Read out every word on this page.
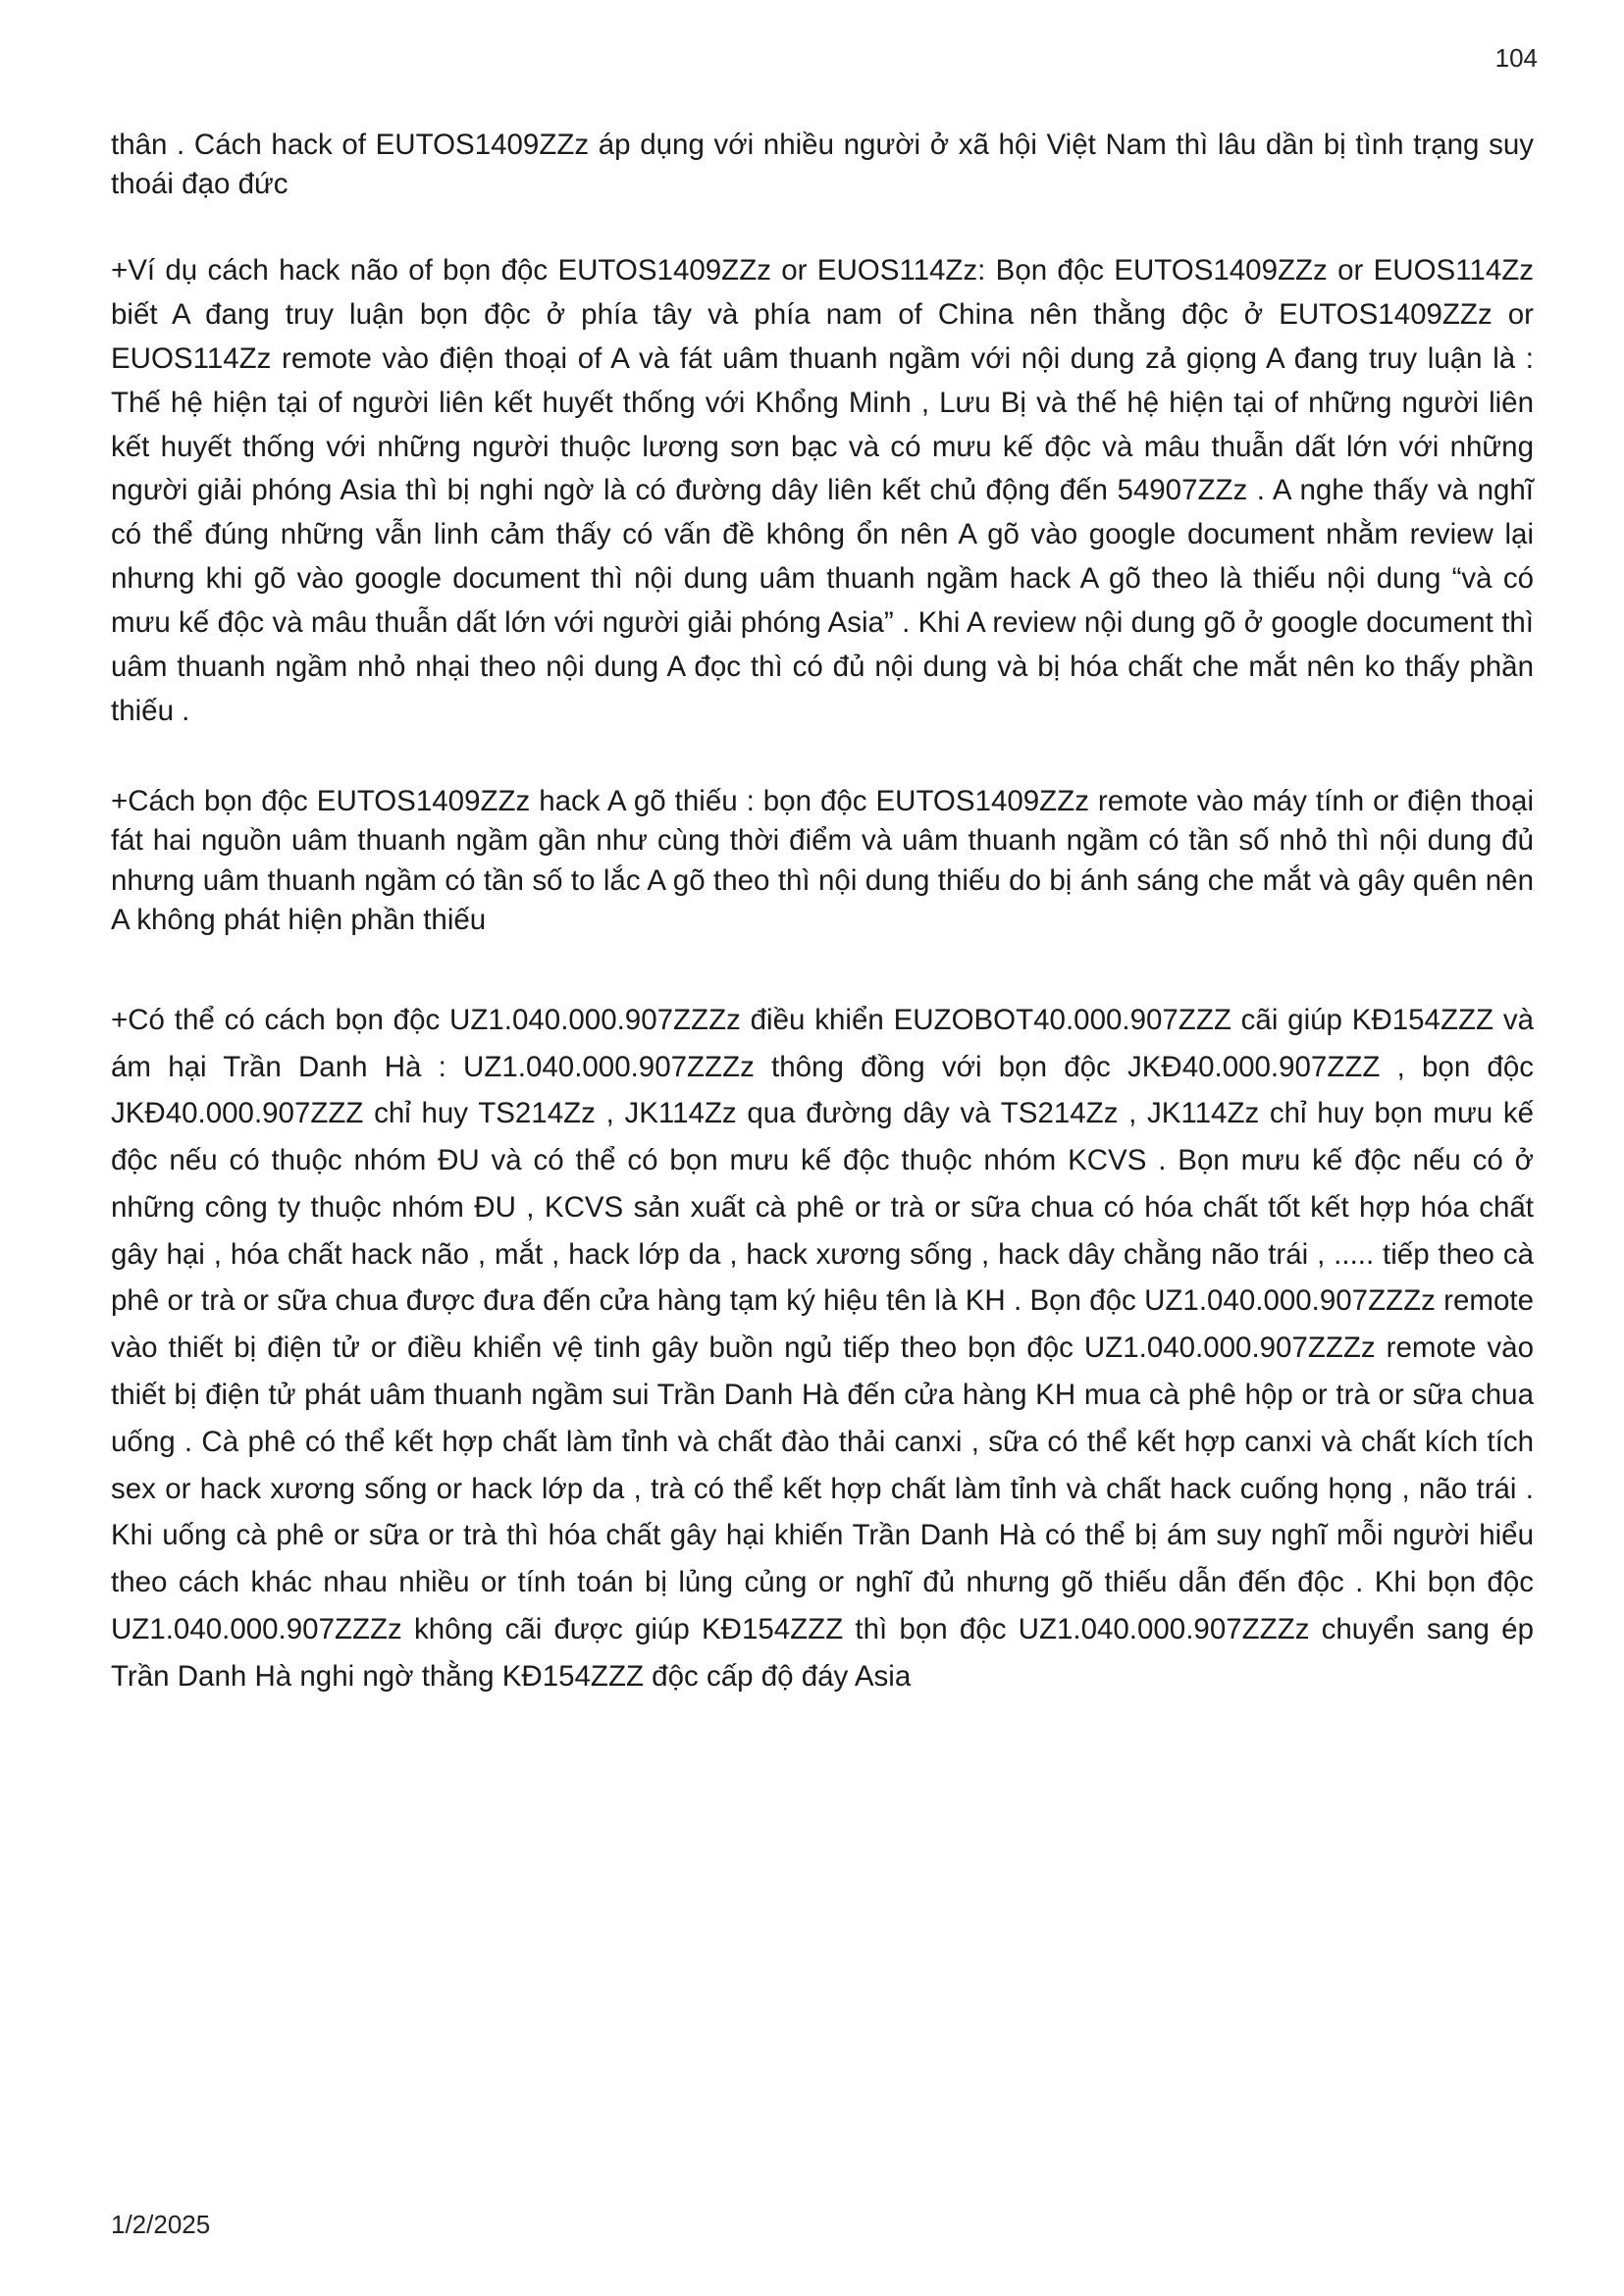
104

thân . Cách hack of EUTOS1409ZZz áp dụng với nhiều người ở xã hội Việt Nam thì lâu dần bị tình trạng suy thoái đạo đức

+Ví dụ cách hack não of bọn độc EUTOS1409ZZz or EUOS114Zz: Bọn độc EUTOS1409ZZz or EUOS114Zz biết A đang truy luận bọn độc ở phía tây và phía nam of China nên thằng độc ở EUTOS1409ZZz or EUOS114Zz remote vào điện thoại of A và fát uâm thuanh ngầm với nội dung zả giọng A đang truy luận là : Thế hệ hiện tại of người liên kết huyết thống với Khổng Minh , Lưu Bị và thế hệ hiện tại of những người liên kết huyết thống với những người thuộc lương sơn bạc và có mưu kế độc và mâu thuẫn dất lớn với những người giải phóng Asia thì bị nghi ngờ là có đường dây liên kết chủ động đến 54907ZZz . A nghe thấy và nghĩ có thể đúng những vẫn linh cảm thấy có vấn đề không ổn nên A gõ vào google document nhằm review lại nhưng khi gõ vào google document thì nội dung uâm thuanh ngầm hack A gõ theo là thiếu nội dung “và có mưu kế độc và mâu thuẫn dất lớn với người giải phóng Asia” . Khi A review nội dung gõ ở google document thì uâm thuanh ngầm nhỏ nhại theo nội dung A đọc thì có đủ nội dung và bị hóa chất che mắt nên ko thấy phần thiếu .

+Cách bọn độc EUTOS1409ZZz hack A gõ thiếu : bọn độc EUTOS1409ZZz remote vào máy tính or điện thoại fát hai nguồn uâm thuanh ngầm gần như cùng thời điểm và uâm thuanh ngầm có tần số nhỏ thì nội dung đủ nhưng uâm thuanh ngầm có tần số to lắc A gõ theo thì nội dung thiếu do bị ánh sáng che mắt và gây quên nên A không phát hiện phần thiếu

+Có thể có cách bọn độc UZ1.040.000.907ZZZz điều khiển EUZOBOT40.000.907ZZZ cãi giúp KĐ154ZZZ và ám hại Trần Danh Hà : UZ1.040.000.907ZZZz thông đồng với bọn độc JKĐ40.000.907ZZZ , bọn độc JKĐ40.000.907ZZZ chỉ huy TS214Zz , JK114Zz qua đường dây và TS214Zz , JK114Zz chỉ huy bọn mưu kế độc nếu có thuộc nhóm ĐU và có thể có bọn mưu kế độc thuộc nhóm KCVS . Bọn mưu kế độc nếu có ở những công ty thuộc nhóm ĐU , KCVS sản xuất cà phê or trà or sữa chua có hóa chất tốt kết hợp hóa chất gây hại , hóa chất hack não , mắt , hack lớp da , hack xương sống , hack dây chằng não trái , ..... tiếp theo cà phê or trà or sữa chua được đưa đến cửa hàng tạm ký hiệu tên là KH . Bọn độc UZ1.040.000.907ZZZz remote vào thiết bị điện tử or điều khiển vệ tinh gây buồn ngủ tiếp theo bọn độc UZ1.040.000.907ZZZz remote vào thiết bị điện tử phát uâm thuanh ngầm sui Trần Danh Hà đến cửa hàng KH mua cà phê hộp or trà or sữa chua uống . Cà phê có thể kết hợp chất làm tỉnh và chất đào thải canxi , sữa có thể kết hợp canxi và chất kích tích sex or hack xương sống or hack lớp da , trà có thể kết hợp chất làm tỉnh và chất hack cuống họng , não trái . Khi uống cà phê or sữa or trà thì hóa chất gây hại khiến Trần Danh Hà có thể bị ám suy nghĩ mỗi người hiểu theo cách khác nhau nhiều or tính toán bị lủng củng or nghĩ đủ nhưng gõ thiếu dẫn đến độc . Khi bọn độc UZ1.040.000.907ZZZz không cãi được giúp KĐ154ZZZ thì bọn độc UZ1.040.000.907ZZZz chuyển sang ép Trần Danh Hà nghi ngờ thằng KĐ154ZZZ độc cấp độ đáy Asia

1/2/2025
